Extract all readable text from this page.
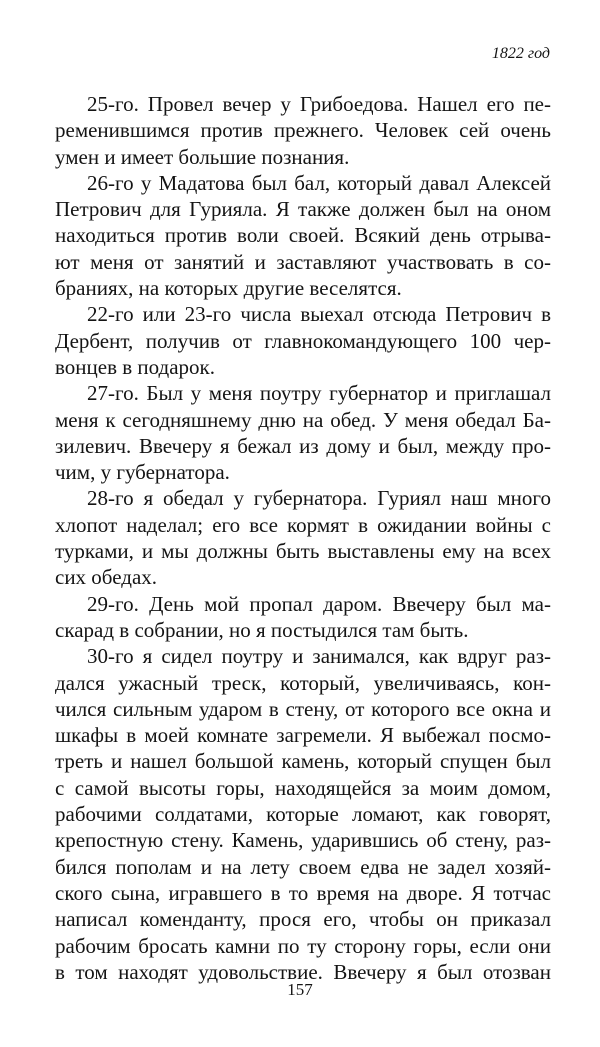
1822 год
25-го. Провел вечер у Грибоедова. Нашел его пе-
ременившимся против прежнего. Человек сей очень
умен и имеет большие познания.
26-го у Мадатова был бал, который давал Алексей
Петрович для Гурияла. Я также должен был на оном
находиться против воли своей. Всякий день отрыва-
ют меня от занятий и заставляют участвовать в со-
браниях, на которых другие веселятся.
22-го или 23-го числа выехал отсюда Петрович в
Дербент, получив от главнокомандующего 100 чер-
вонцев в подарок.
27-го. Был у меня поутру губернатор и приглашал
меня к сегодняшнему дню на обед. У меня обедал Ба-
зилевич. Ввечеру я бежал из дому и был, между про-
чим, у губернатора.
28-го я обедал у губернатора. Гуриял наш много
хлопот наделал; его все кормят в ожидании войны с
турками, и мы должны быть выставлены ему на всех
сих обедах.
29-го. День мой пропал даром. Ввечеру был ма-
скарад в собрании, но я постыдился там быть.
30-го я сидел поутру и занимался, как вдруг раз-
дался ужасный треск, который, увеличиваясь, кон-
чился сильным ударом в стену, от которого все окна и
шкафы в моей комнате загремели. Я выбежал посмо-
треть и нашел большой камень, который спущен был
с самой высоты горы, находящейся за моим домом,
рабочими солдатами, которые ломают, как говорят,
крепостную стену. Камень, ударившись об стену, раз-
бился пополам и на лету своем едва не задел хозяй-
ского сына, игравшего в то время на дворе. Я тотчас
написал коменданту, прося его, чтобы он приказал
рабочим бросать камни по ту сторону горы, если они
в том находят удовольствие. Ввечеру я был отозван
157
